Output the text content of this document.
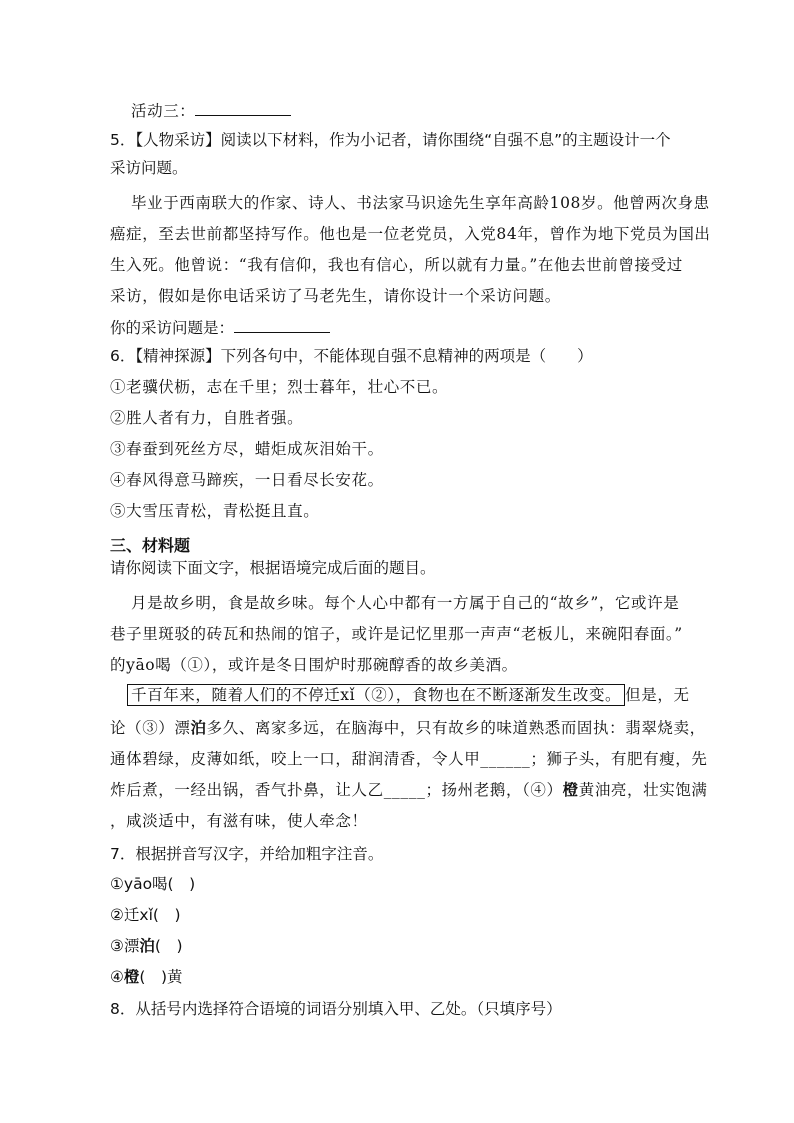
活动三：
5．【人物采访】阅读以下材料，作为小记者，请你围绕“自强不息”的主题设计一个
采访问题。
毕业于西南联大的作家、诗人、书法家马识途先生享年高龄108岁。他曾两次身患
癌症，至去世前都坚持写作。他也是一位老党员，入党84年，曾作为地下党员为国出
生入死。他曾说：“我有信仰，我也有信心，所以就有力量。”在他去世前曾接受过
采访，假如是你电话采访了马老先生，请你设计一个采访问题。
你的采访问题是：
6．【精神探源】下列各句中，不能体现自强不息精神的两项是（　　）
①老骥伏枥，志在千里；烈士暮年，壮心不已。
②胜人者有力，自胜者强。
③春蚕到死丝方尽，蜡炬成灰泪始干。
④春风得意马蹄疾，一日看尽长安花。
⑤大雪压青松，青松挺且直。
三、材料题
请你阅读下面文字，根据语境完成后面的题目。
月是故乡明，食是故乡味。每个人心中都有一方属于自己的“故乡”，它或许是
巷子里斑驳的砖瓦和热闹的馆子，或许是记忆里那一声声“老板儿，来碗阳春面。”
的yāo喝（①），或许是冬日围炉时那碗醇香的故乡美酒。
千百年来，随着人们的不停迁xǐ（②），食物也在不断逐渐发生改变。 但是，无
论（③）漂泊多久、离家多远，在脑海中，只有故乡的味道熟悉而固执：翡翠烧卖，
通体碧绿，皮薄如纸，咬上一口，甜润清香，令人甲______；狮子头，有肥有瘦，先
炸后煮，一经出锅，香气扑鼻，让人乙_____；扬州老鹅，（④）橙黄油亮，壮实饱满
，咸淡适中，有滋有味，使人牵念！
7．根据拼音写汉字，并给加粗字注音。
①yāo喝(　)
②迁xǐ(　)
③漂泊(　)
④橙(　)黄
8．从括号内选择符合语境的词语分别填入甲、乙处。（只填序号）
